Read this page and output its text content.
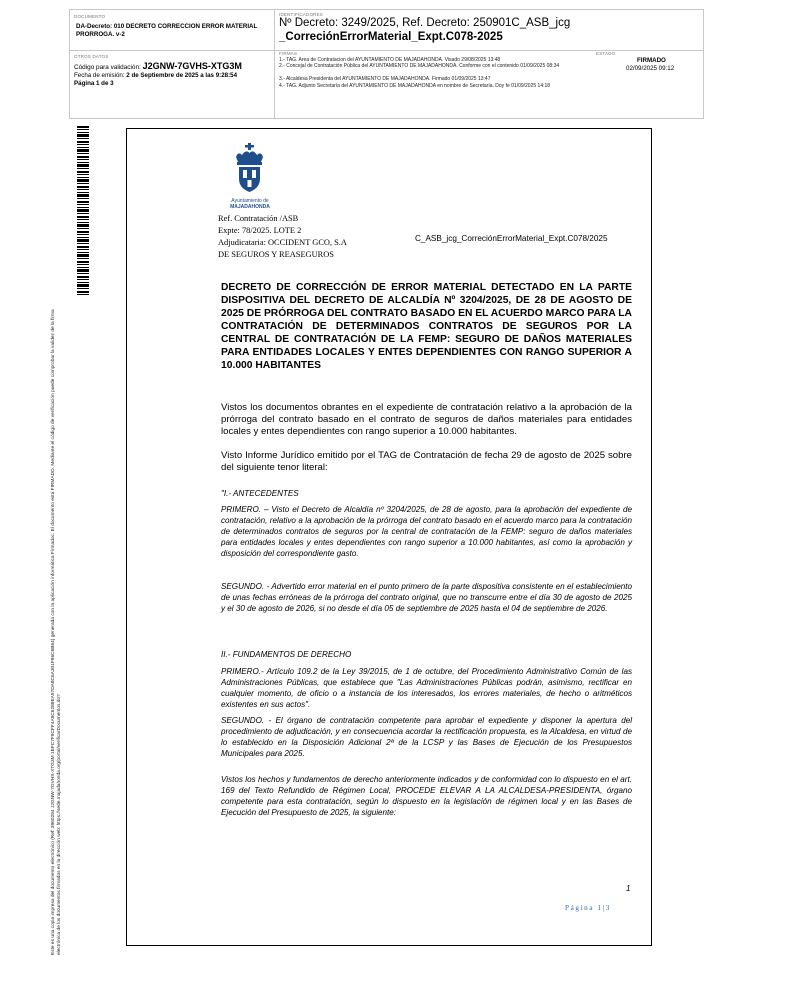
DOCUMENTO
DA-Decreto: 010 DECRETO CORRECCION ERROR MATERIAL PRORROGA. v-2
IDENTIFICADORES
Nº Decreto: 3249/2025, Ref. Decreto: 250901C_ASB_jcg
_CorreciónErrorMaterial_Expt.C078-2025
OTROS DATOS
Código para validación: J2GNW-7GVHS-XTG3M
Fecha de emisión: 2 de Septiembre de 2025 a las 9:28:54
Página 1 de 3
FIRMAS
1.- TAG. Area de Contratacion del AYUNTAMIENTO DE MAJADAHONDA. Visado 29/08/2025 13:48
2.- Concejal de Contratación Pública del AYUNTAMIENTO DE MAJADAHONDA. Conforme con el contenido 01/09/2025 08:34
3.- Alcaldesa Presidenta del AYUNTAMIENTO DE MAJADAHONDA. Firmado 01/09/2025 13:47
4.- TAG. Adjunto Secretaría del AYUNTAMIENTO DE MAJADAHONDA en nombre de Secretaría. Doy fe 01/09/2025 14:18
ESTADO
FIRMADO
02/09/2025 09:12
Este es una copia impresa del documento electrónico (Ref: 3960294 J2GNW-7GVHS-XTG3M 1EFC7F9CFF4A9C6289EA57DA8C6A301F96C6B64) generada con la aplicación informática Firmadoc. El documento está FIRMADO. Mediante el código de verificación puede comprobar la validez de la firma electrónica de los documentos firmados en la dirección web: https://sede.majadahonda.org/portal/verificarDocumentos.do?
Ayuntamiento de
MAJADAHONDA
Ref. Contratación /ASB
Expte: 78/2025. LOTE 2
Adjudicataria: OCCIDENT GCO, S.A
DE SEGUROS Y REASEGUROS
C_ASB_jcg_CorreciónErrorMaterial_Expt.C078/2025

DECRETO DE CORRECCIÓN DE ERROR MATERIAL DETECTADO EN LA PARTE DISPOSITIVA DEL DECRETO DE ALCALDÍA Nº 3204/2025, DE 28 DE AGOSTO DE 2025 DE PRÓRROGA DEL CONTRATO BASADO EN EL ACUERDO MARCO PARA LA CONTRATACIÓN DE DETERMINADOS CONTRATOS DE SEGUROS POR LA CENTRAL DE CONTRATACIÓN DE LA FEMP: SEGURO DE DAÑOS MATERIALES PARA ENTIDADES LOCALES Y ENTES DEPENDIENTES CON RANGO SUPERIOR A 10.000 HABITANTES

Vistos los documentos obrantes en el expediente de contratación relativo a la aprobación de la prórroga del contrato basado en el contrato de seguros de daños materiales para entidades locales y entes dependientes con rango superior a 10.000 habitantes.

Visto Informe Jurídico emitido por el TAG de Contratación de fecha 29 de agosto de 2025 sobre del siguiente tenor literal:

"I.- ANTECEDENTES

PRIMERO. – Visto el Decreto de Alcaldía nº 3204/2025, de 28 de agosto, para la aprobación del expediente de contratación, relativo a la aprobación de la prórroga del contrato basado en el acuerdo marco para la contratación de determinados contratos de seguros por la central de contratación de la FEMP: seguro de daños materiales para entidades locales y entes dependientes con rango superior a 10.000 habitantes, así como la aprobación y disposición del correspondiente gasto.

SEGUNDO. - Advertido error material en el punto primero de la parte dispositiva consistente en el establecimiento de unas fechas erróneas de la prórroga del contrato original, que no transcurre entre el día 30 de agosto de 2025 y el 30 de agosto de 2026, si no desde el día 05 de septiembre de 2025 hasta el 04 de septiembre de 2026.

II.- FUNDAMENTOS DE DERECHO

PRIMERO.- Artículo 109.2 de la Ley 39/2015, de 1 de octubre, del Procedimiento Administrativo Común de las Administraciones Públicas, que establece que "Las Administraciones Públicas podrán, asimismo, rectificar en cualquier momento, de oficio o a instancia de los interesados, los errores materiales, de hecho o aritméticos existentes en sus actos".

SEGUNDO. - El órgano de contratación competente para aprobar el expediente y disponer la apertura del procedimiento de adjudicación, y en consecuencia acordar la rectificación propuesta, es la Alcaldesa, en virtud de lo establecido en la Disposición Adicional 2ª de la LCSP y las Bases de Ejecución de los Presupuestos Municipales para 2025.

Vistos los hechos y fundamentos de derecho anteriormente indicados y de conformidad con lo dispuesto en el art. 169 del Texto Refundido de Régimen Local, PROCEDE ELEVAR A LA ALCALDESA-PRESIDENTA, órgano competente para esta contratación, según lo dispuesto en la legislación de régimen local y en las Bases de Ejecución del Presupuesto de 2025, la siguiente:

1
Página 1|3
